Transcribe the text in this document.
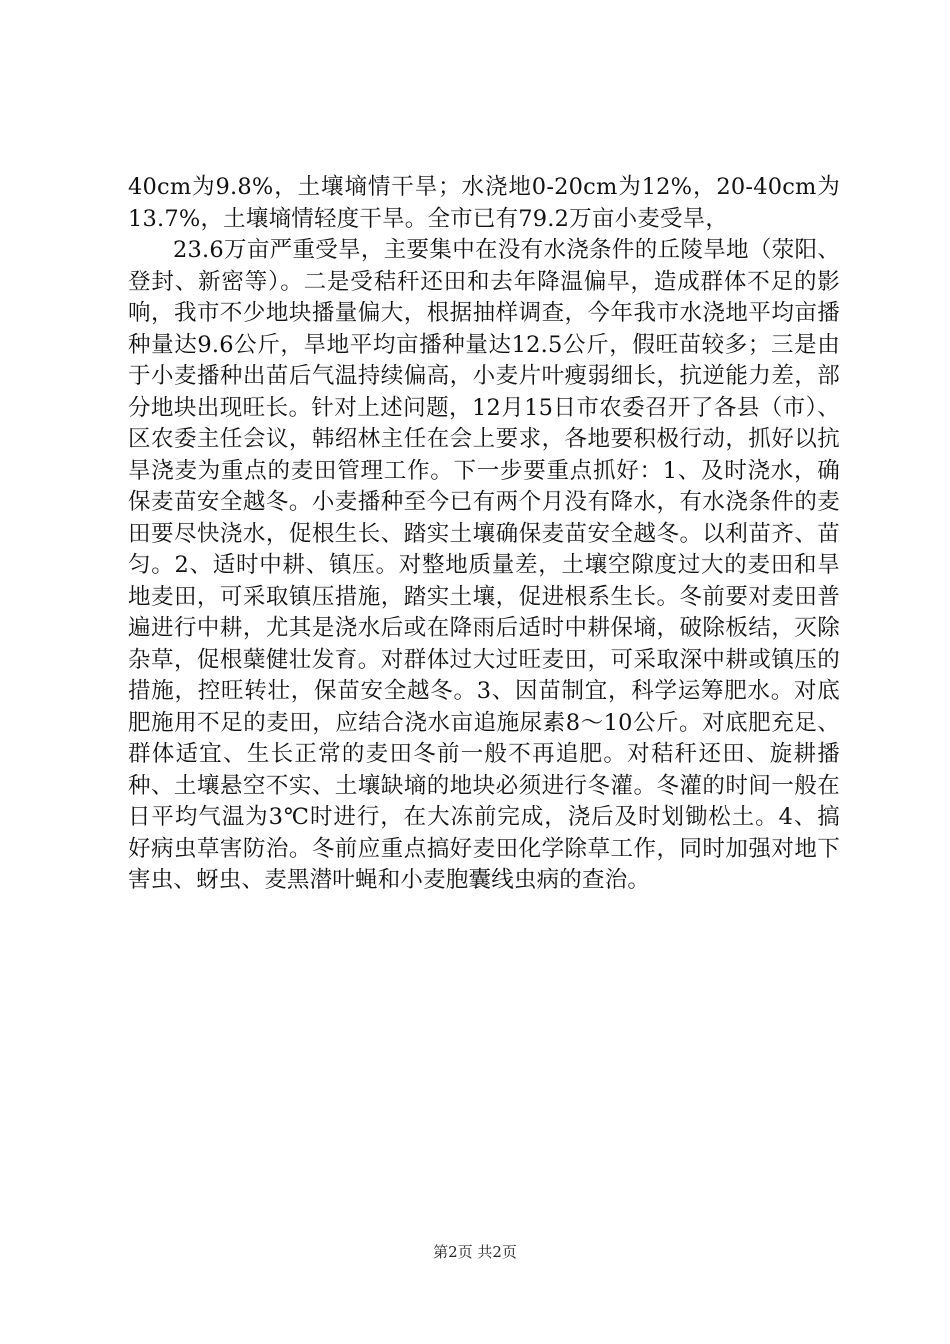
40cm为9.8%，土壤墒情干旱；水浇地0-20cm为12%，20-40cm为13.7%，土壤墒情轻度干旱。全市已有79.2万亩小麦受旱，

23.6万亩严重受旱，主要集中在没有水浇条件的丘陵旱地（荥阳、登封、新密等）。二是受秸秆还田和去年降温偏早，造成群体不足的影响，我市不少地块播量偏大，根据抽样调查，今年我市水浇地平均亩播种量达9.6公斤，旱地平均亩播种量达12.5公斤，假旺苗较多；三是由于小麦播种出苗后气温持续偏高，小麦片叶瘦弱细长，抗逆能力差，部分地块出现旺长。针对上述问题，12月15日市农委召开了各县（市）、区农委主任会议，韩绍林主任在会上要求，各地要积极行动，抓好以抗旱浇麦为重点的麦田管理工作。下一步要重点抓好：1、及时浇水，确保麦苗安全越冬。小麦播种至今已有两个月没有降水，有水浇条件的麦田要尽快浇水，促根生长、踏实土壤确保麦苗安全越冬。以利苗齐、苗匀。2、适时中耕、镇压。对整地质量差，土壤空隙度过大的麦田和旱地麦田，可采取镇压措施，踏实土壤，促进根系生长。冬前要对麦田普遍进行中耕，尤其是浇水后或在降雨后适时中耕保墒，破除板结，灭除杂草，促根蘖健壮发育。对群体过大过旺麦田，可采取深中耕或镇压的措施，控旺转壮，保苗安全越冬。3、因苗制宜，科学运筹肥水。对底肥施用不足的麦田，应结合浇水亩追施尿素8～10公斤。对底肥充足、群体适宜、生长正常的麦田冬前一般不再追肥。对秸秆还田、旋耕播种、土壤悬空不实、土壤缺墒的地块必须进行冬灌。冬灌的时间一般在日平均气温为3℃时进行，在大冻前完成，浇后及时划锄松土。4、搞好病虫草害防治。冬前应重点搞好麦田化学除草工作，同时加强对地下害虫、蚜虫、麦黑潜叶蝇和小麦胞囊线虫病的查治。

第2页 共2页
